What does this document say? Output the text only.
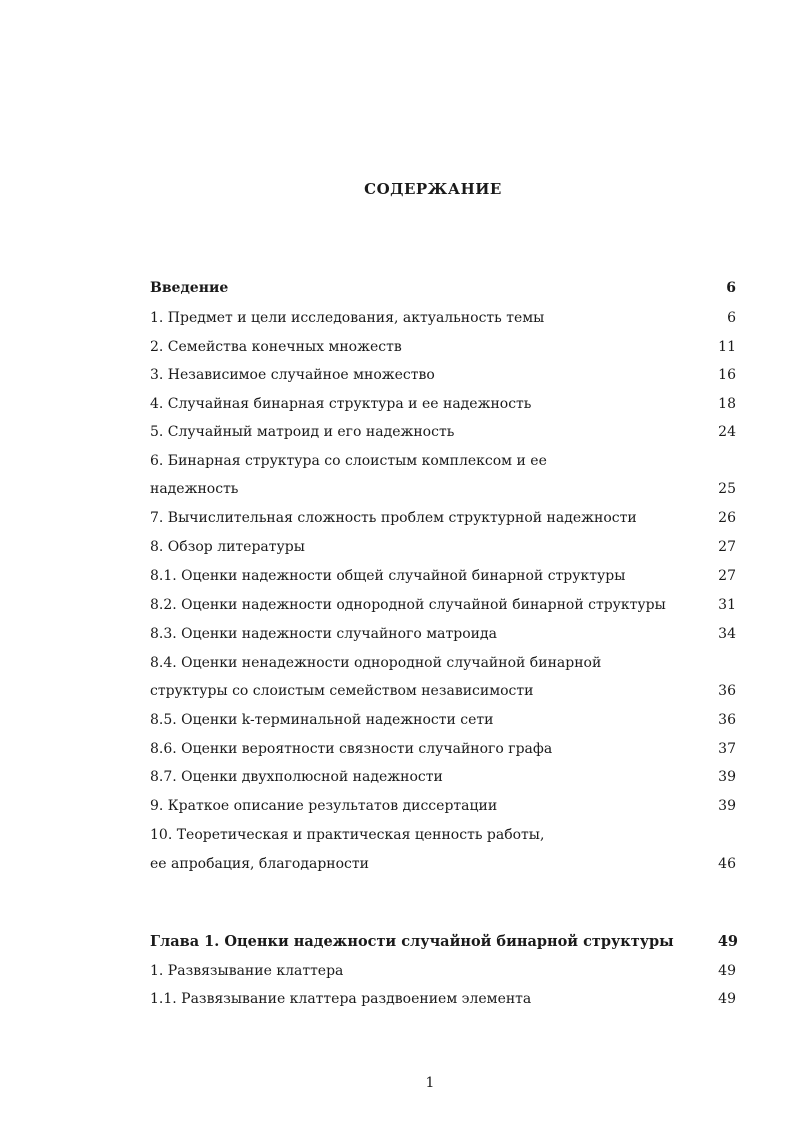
СОДЕРЖАНИЕ
Введение	6
1. Предмет и цели исследования, актуальность темы	6
2. Семейства конечных множеств	11
3. Независимое случайное множество	16
4. Случайная бинарная структура и ее надежность	18
5. Случайный матроид и его надежность	24
6. Бинарная структура со слоистым комплексом и ее
надежность	25
7. Вычислительная сложность проблем структурной надежности	26
8. Обзор литературы	27
8.1. Оценки надежности общей случайной бинарной структуры	27
8.2. Оценки надежности однородной случайной бинарной структуры	31
8.3. Оценки надежности случайного матроида	34
8.4. Оценки ненадежности однородной случайной бинарной
структуры со слоистым семейством независимости	36
8.5. Оценки k-терминальной надежности сети	36
8.6. Оценки вероятности связности случайного графа	37
8.7. Оценки двухполюсной надежности	39
9. Краткое описание результатов диссертации	39
10. Теоретическая и практическая ценность работы,
ее апробация, благодарности	46
Глава 1. Оценки надежности случайной бинарной структуры	49
1. Развязывание клаттера	49
1.1. Развязывание клаттера раздвоением элемента	49
1
